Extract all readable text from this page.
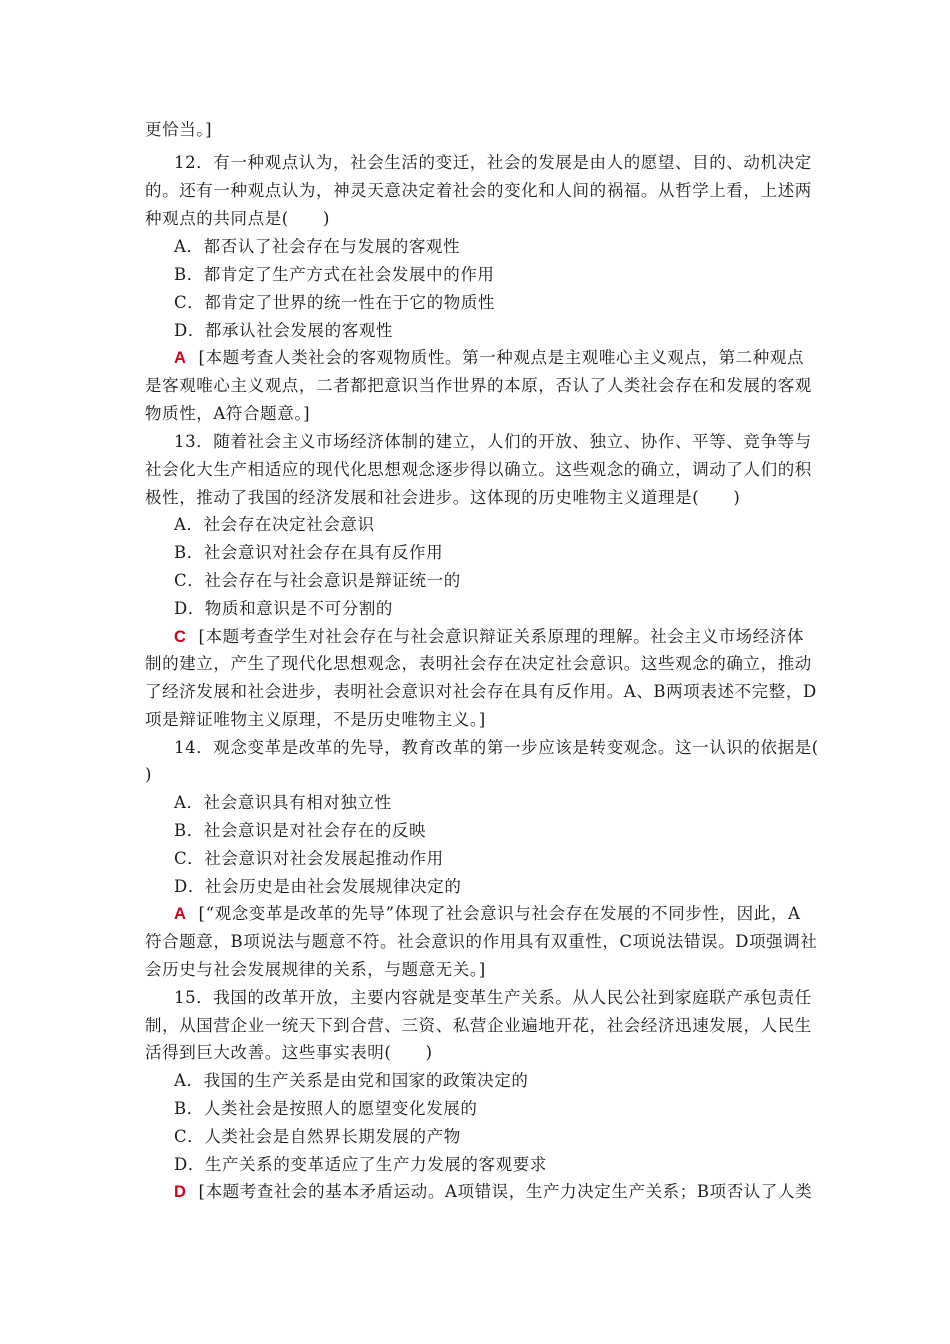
更恰当。]
12．有一种观点认为，社会生活的变迁，社会的发展是由人的愿望、目的、动机决定
的。还有一种观点认为，神灵天意决定着社会的变化和人间的祸福。从哲学上看，上述两
种观点的共同点是(　　)
A．都否认了社会存在与发展的客观性
B．都肯定了生产方式在社会发展中的作用
C．都肯定了世界的统一性在于它的物质性
D．都承认社会发展的客观性
A [本题考查人类社会的客观物质性。第一种观点是主观唯心主义观点，第二种观点
是客观唯心主义观点，二者都把意识当作世界的本原，否认了人类社会存在和发展的客观
物质性，A符合题意。]
13．随着社会主义市场经济体制的建立，人们的开放、独立、协作、平等、竞争等与
社会化大生产相适应的现代化思想观念逐步得以确立。这些观念的确立，调动了人们的积
极性，推动了我国的经济发展和社会进步。这体现的历史唯物主义道理是(　　)
A．社会存在决定社会意识
B．社会意识对社会存在具有反作用
C．社会存在与社会意识是辩证统一的
D．物质和意识是不可分割的
C [本题考查学生对社会存在与社会意识辩证关系原理的理解。社会主义市场经济体
制的建立，产生了现代化思想观念，表明社会存在决定社会意识。这些观念的确立，推动
了经济发展和社会进步，表明社会意识对社会存在具有反作用。A、B两项表述不完整，D
项是辩证唯物主义原理，不是历史唯物主义。]
14．观念变革是改革的先导，教育改革的第一步应该是转变观念。这一认识的依据是(
)
A．社会意识具有相对独立性
B．社会意识是对社会存在的反映
C．社会意识对社会发展起推动作用
D．社会历史是由社会发展规律决定的
A [“观念变革是改革的先导”体现了社会意识与社会存在发展的不同步性，因此，A
符合题意，B项说法与题意不符。社会意识的作用具有双重性，C项说法错误。D项强调社
会历史与社会发展规律的关系，与题意无关。]
15．我国的改革开放，主要内容就是变革生产关系。从人民公社到家庭联产承包责任
制，从国营企业一统天下到合营、三资、私营企业遍地开花，社会经济迅速发展，人民生
活得到巨大改善。这些事实表明(　　)
A．我国的生产关系是由党和国家的政策决定的
B．人类社会是按照人的愿望变化发展的
C．人类社会是自然界长期发展的产物
D．生产关系的变革适应了生产力发展的客观要求
D [本题考查社会的基本矛盾运动。A项错误，生产力决定生产关系；B项否认了人类
